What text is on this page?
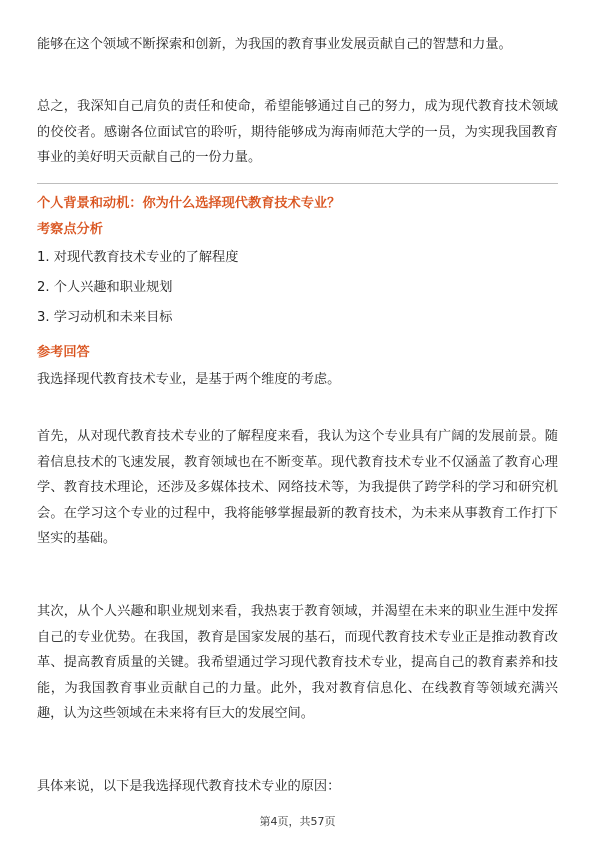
能够在这个领域不断探索和创新，为我国的教育事业发展贡献自己的智慧和力量。

总之，我深知自己肩负的责任和使命，希望能够通过自己的努力，成为现代教育技术领域的佼佼者。感谢各位面试官的聆听，期待能够成为海南师范大学的一员，为实现我国教育事业的美好明天贡献自己的一份力量。

个人背景和动机：你为什么选择现代教育技术专业？
考察点分析
1. 对现代教育技术专业的了解程度
2. 个人兴趣和职业规划
3. 学习动机和未来目标
参考回答

我选择现代教育技术专业，是基于两个维度的考虑。

首先，从对现代教育技术专业的了解程度来看，我认为这个专业具有广阔的发展前景。随着信息技术的飞速发展，教育领域也在不断变革。现代教育技术专业不仅涵盖了教育心理学、教育技术理论，还涉及多媒体技术、网络技术等，为我提供了跨学科的学习和研究机会。在学习这个专业的过程中，我将能够掌握最新的教育技术，为未来从事教育工作打下坚实的基础。

其次，从个人兴趣和职业规划来看，我热衷于教育领域，并渴望在未来的职业生涯中发挥自己的专业优势。在我国，教育是国家发展的基石，而现代教育技术专业正是推动教育改革、提高教育质量的关键。我希望通过学习现代教育技术专业，提高自己的教育素养和技能，为我国教育事业贡献自己的力量。此外，我对教育信息化、在线教育等领域充满兴趣，认为这些领域在未来将有巨大的发展空间。

具体来说，以下是我选择现代教育技术专业的原因：

第4页，共57页
